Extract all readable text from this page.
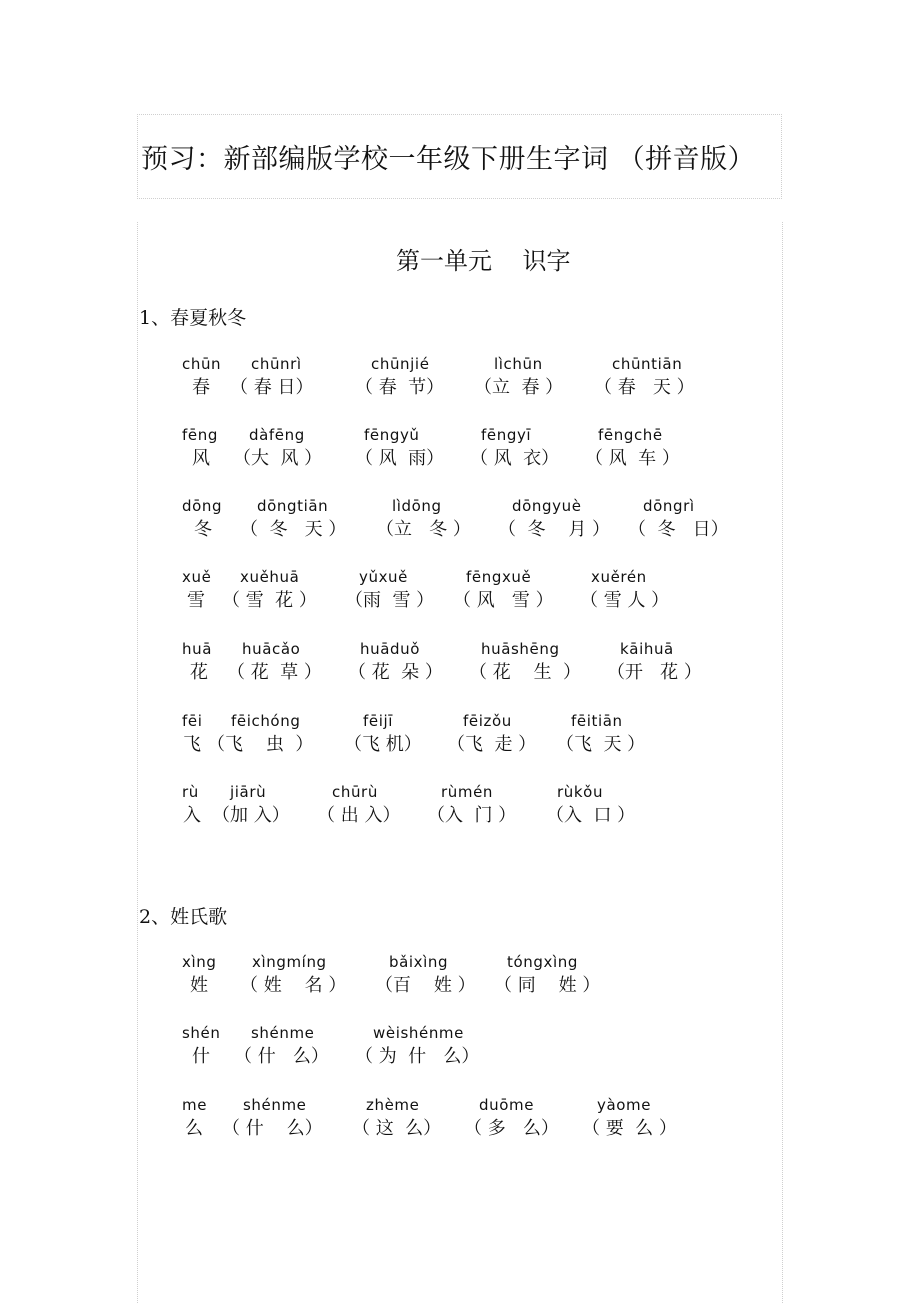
预习：新部编版学校一年级下册生字词 （拼音版）
第一单元    识字
1、春夏秋冬
chūn chūnrì	chūnjié	lìchūn	chūntiān
春 （ 春 日） （ 春  节） （立  春 ） （ 春   天 ）
fēng dàfēng	fēngyǔ	fēngyī	fēngchē
风 （大  风 ） （ 风  雨） （ 风  衣） （ 风  车 ）
dōng dōngtiān	lìdōng	dōngyuè	dōngrì
冬 （  冬   天 ） （立   冬 ） （  冬    月 ） （  冬   日）
xuě xuěhuā	yǔxuě	fēngxuě	xuěrén
雪 （ 雪  花 ） （雨  雪 ） （ 风   雪 ） （ 雪 人 ）
huā huācǎo	huāduǒ	huāshēng	kāihuā
花 （ 花  草 ） （ 花  朵 ） （ 花    生  ） （开   花 ）
fēi fēichóng	fēijī	fēizǒu	fēitiān
飞 （飞    虫  ） （飞 机） （飞  走 ） （飞  天 ）
rù jiārù	chūrù	rùmén	rùkǒu
入 （加 入） （ 出 入） （入  门 ） （入  口 ）
2、姓氏歌
xìng xìngmíng	bǎixìng	tóngxìng
姓 （ 姓    名 ） （百    姓 ） （ 同    姓 ）
shén shénme	wèishénme
什 （ 什   么） （ 为  什   么）
me shénme	zhème	duōme	yàome
么 （ 什    么） （ 这  么） （ 多   么） （ 要  么 ）
